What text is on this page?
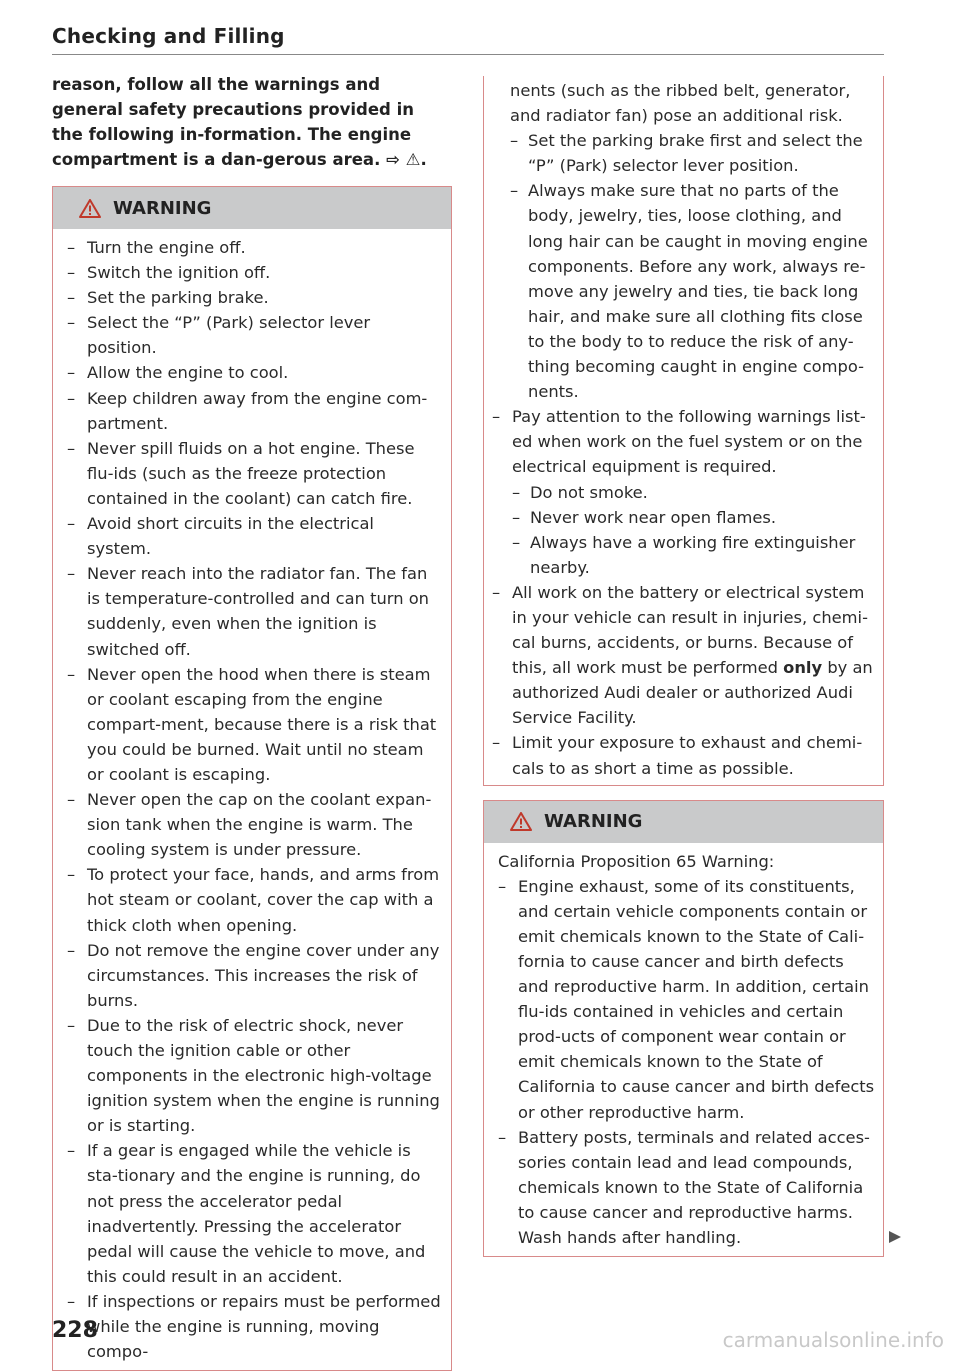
Checking and Filling

reason, follow all the warnings and general safety precautions provided in the following in-formation. The engine compartment is a dan-gerous area. ⇨ ⚠.

WARNING
– Turn the engine off.
– Switch the ignition off.
– Set the parking brake.
– Select the “P” (Park) selector lever position.
– Allow the engine to cool.
– Keep children away from the engine com-partment.
– Never spill fluids on a hot engine. These flu-ids (such as the freeze protection contained in the coolant) can catch fire.
– Avoid short circuits in the electrical system.
– Never reach into the radiator fan. The fan is temperature-controlled and can turn on suddenly, even when the ignition is switched off.
– Never open the hood when there is steam or coolant escaping from the engine compart-ment, because there is a risk that you could be burned. Wait until no steam or coolant is escaping.
– Never open the cap on the coolant expan-sion tank when the engine is warm. The cooling system is under pressure.
– To protect your face, hands, and arms from hot steam or coolant, cover the cap with a thick cloth when opening.
– Do not remove the engine cover under any circumstances. This increases the risk of burns.
– Due to the risk of electric shock, never touch the ignition cable or other components in the electronic high-voltage ignition system when the engine is running or is starting.
– If a gear is engaged while the vehicle is sta-tionary and the engine is running, do not press the accelerator pedal inadvertently. Pressing the accelerator pedal will cause the vehicle to move, and this could result in an accident.
– If inspections or repairs must be performed while the engine is running, moving compo-

nents (such as the ribbed belt, generator, and radiator fan) pose an additional risk.

– Set the parking brake first and select the “P” (Park) selector lever position.
– Always make sure that no parts of the body, jewelry, ties, loose clothing, and long hair can be caught in moving engine components. Before any work, always re-move any jewelry and ties, tie back long hair, and make sure all clothing fits close to the body to to reduce the risk of any-thing becoming caught in engine compo-nents.
– Pay attention to the following warnings list-ed when work on the fuel system or on the electrical equipment is required.
– Do not smoke.
– Never work near open flames.
– Always have a working fire extinguisher nearby.
– All work on the battery or electrical system in your vehicle can result in injuries, chemi-cal burns, accidents, or burns. Because of this, all work must be performed only by an authorized Audi dealer or authorized Audi Service Facility.
– Limit your exposure to exhaust and chemi-cals to as short a time as possible.
WARNING

California Proposition 65 Warning:

– Engine exhaust, some of its constituents, and certain vehicle components contain or emit chemicals known to the State of Cali-fornia to cause cancer and birth defects and reproductive harm. In addition, certain flu-ids contained in vehicles and certain prod-ucts of component wear contain or emit chemicals known to the State of California to cause cancer and birth defects or other reproductive harm.
– Battery posts, terminals and related acces-sories contain lead and lead compounds, chemicals known to the State of California to cause cancer and reproductive harms. Wash hands after handling.
228	carmanualsonline.info
